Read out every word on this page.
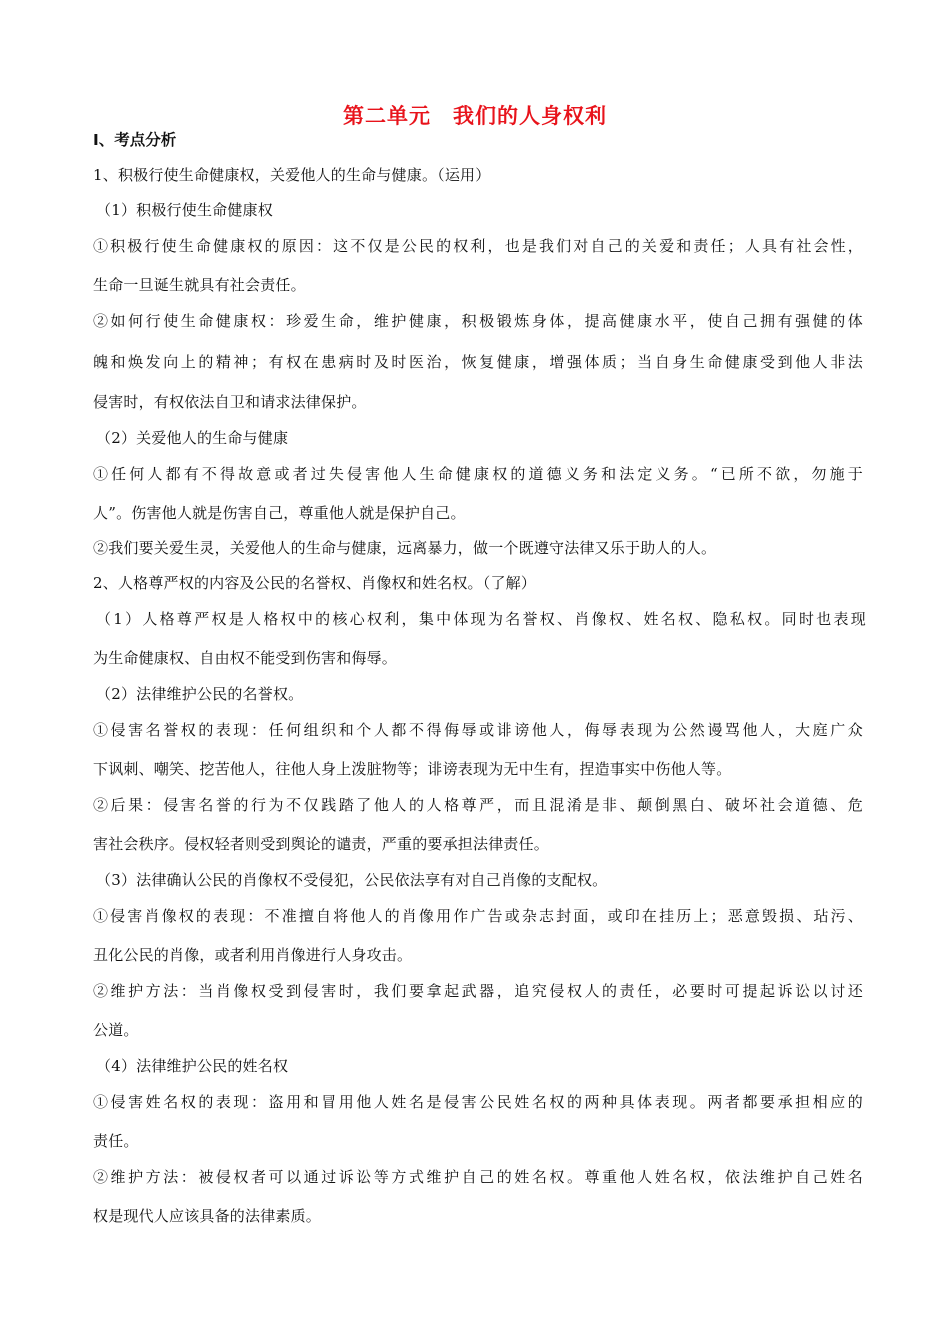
第二单元 我们的人身权利
Ⅰ、考点分析
1、积极行使生命健康权，关爱他人的生命与健康。（运用）
（1）积极行使生命健康权
①积极行使生命健康权的原因：这不仅是公民的权利，也是我们对自己的关爱和责任；人具有社会性，
生命一旦诞生就具有社会责任。
②如何行使生命健康权：珍爱生命，维护健康，积极锻炼身体，提高健康水平，使自己拥有强健的体
魄和焕发向上的精神；有权在患病时及时医治，恢复健康，增强体质；当自身生命健康受到他人非法
侵害时，有权依法自卫和请求法律保护。
（2）关爱他人的生命与健康
①任何人都有不得故意或者过失侵害他人生命健康权的道德义务和法定义务。“已所不欲，勿施于
人”。伤害他人就是伤害自己，尊重他人就是保护自己。
②我们要关爱生灵，关爱他人的生命与健康，远离暴力，做一个既遵守法律又乐于助人的人。
2、人格尊严权的内容及公民的名誉权、肖像权和姓名权。（了解）
（1）人格尊严权是人格权中的核心权利，集中体现为名誉权、肖像权、姓名权、隐私权。同时也表现
为生命健康权、自由权不能受到伤害和侮辱。
（2）法律维护公民的名誉权。
①侵害名誉权的表现：任何组织和个人都不得侮辱或诽谤他人，侮辱表现为公然谩骂他人，大庭广众
下讽刺、嘲笑、挖苦他人，往他人身上泼脏物等；诽谤表现为无中生有，捏造事实中伤他人等。
②后果：侵害名誉的行为不仅践踏了他人的人格尊严，而且混淆是非、颠倒黑白、破坏社会道德、危
害社会秩序。侵权轻者则受到舆论的谴责，严重的要承担法律责任。
（3）法律确认公民的肖像权不受侵犯，公民依法享有对自己肖像的支配权。
①侵害肖像权的表现：不准擅自将他人的肖像用作广告或杂志封面，或印在挂历上；恶意毁损、玷污、
丑化公民的肖像，或者利用肖像进行人身攻击。
②维护方法：当肖像权受到侵害时，我们要拿起武器，追究侵权人的责任，必要时可提起诉讼以讨还
公道。
（4）法律维护公民的姓名权
①侵害姓名权的表现：盗用和冒用他人姓名是侵害公民姓名权的两种具体表现。两者都要承担相应的
责任。
②维护方法：被侵权者可以通过诉讼等方式维护自己的姓名权。尊重他人姓名权，依法维护自己姓名
权是现代人应该具备的法律素质。
